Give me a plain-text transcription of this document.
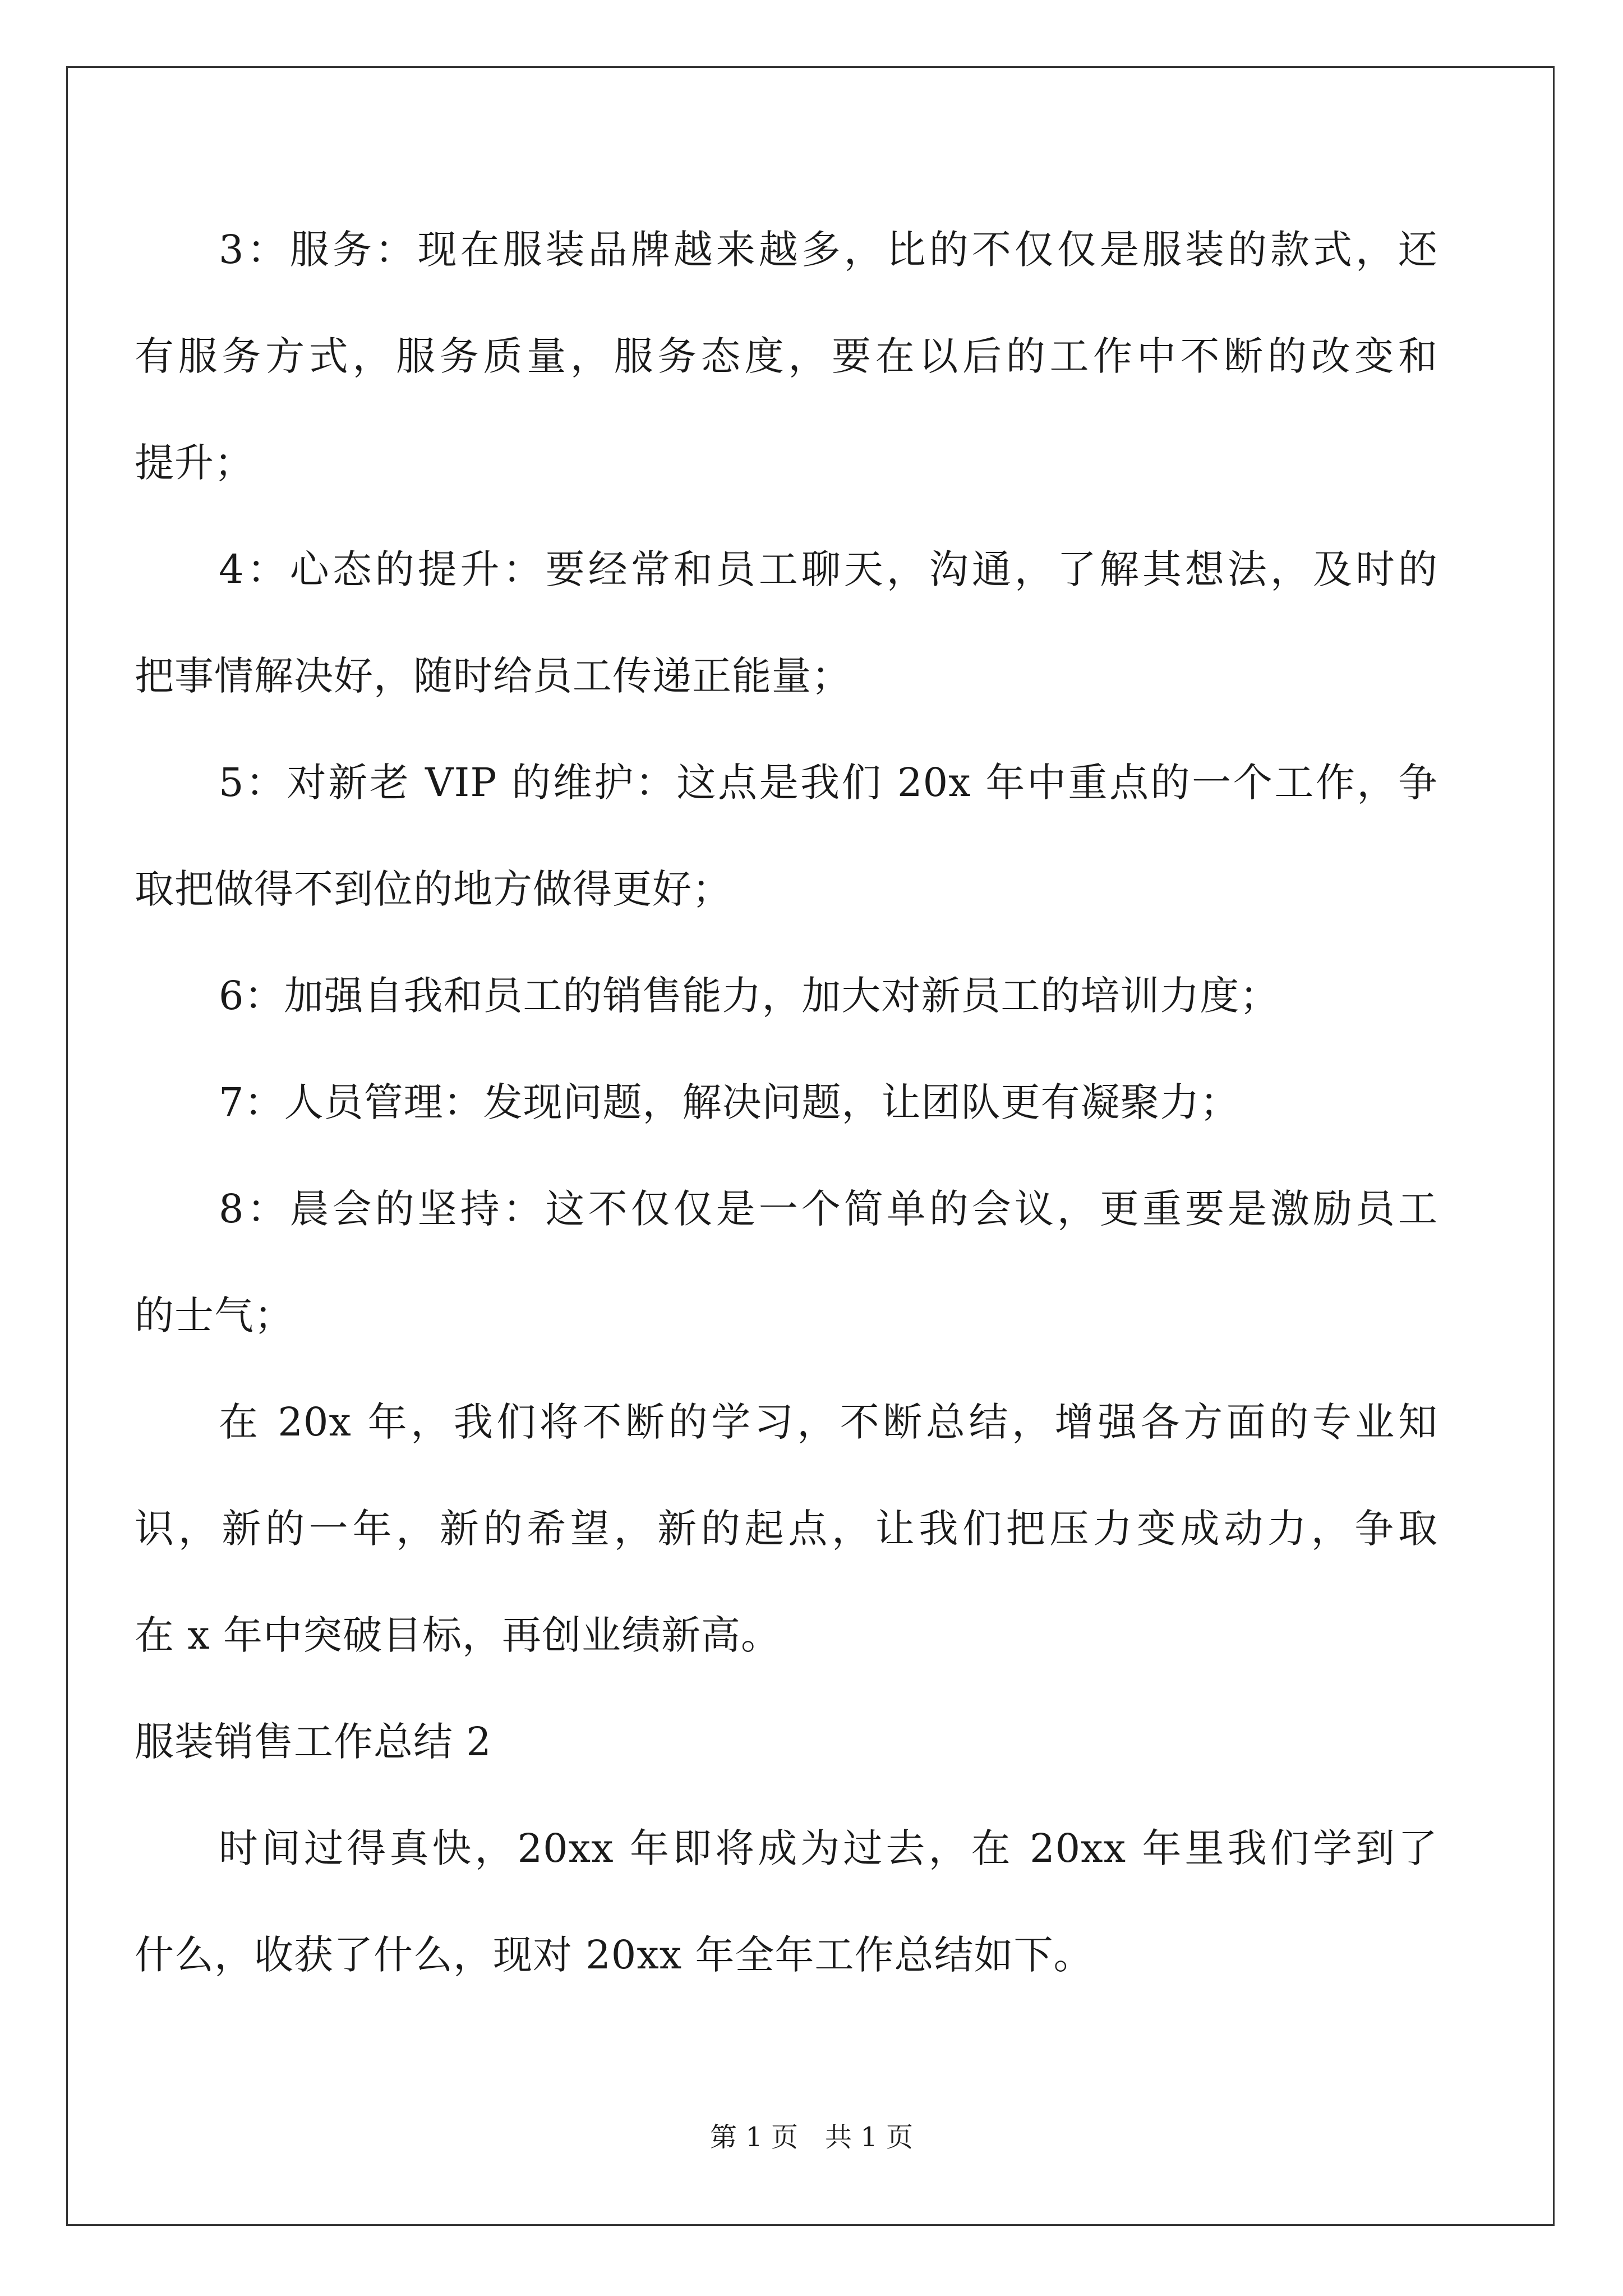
3：服务：现在服装品牌越来越多，比的不仅仅是服装的款式，还
有服务方式，服务质量，服务态度，要在以后的工作中不断的改变和
提升；
4：心态的提升：要经常和员工聊天，沟通，了解其想法，及时的
把事情解决好，随时给员工传递正能量；
5：对新老 VIP 的维护：这点是我们 20x 年中重点的一个工作，争
取把做得不到位的地方做得更好；
6：加强自我和员工的销售能力，加大对新员工的培训力度；
7：人员管理：发现问题，解决问题，让团队更有凝聚力；
8：晨会的坚持：这不仅仅是一个简单的会议，更重要是激励员工
的士气；
在 20x 年，我们将不断的学习，不断总结，增强各方面的专业知
识，新的一年，新的希望，新的起点，让我们把压力变成动力，争取
在 x 年中突破目标，再创业绩新高。
服装销售工作总结 2
时间过得真快，20xx 年即将成为过去，在 20xx 年里我们学到了
什么，收获了什么，现对 20xx 年全年工作总结如下。
第 1 页　共 1 页
